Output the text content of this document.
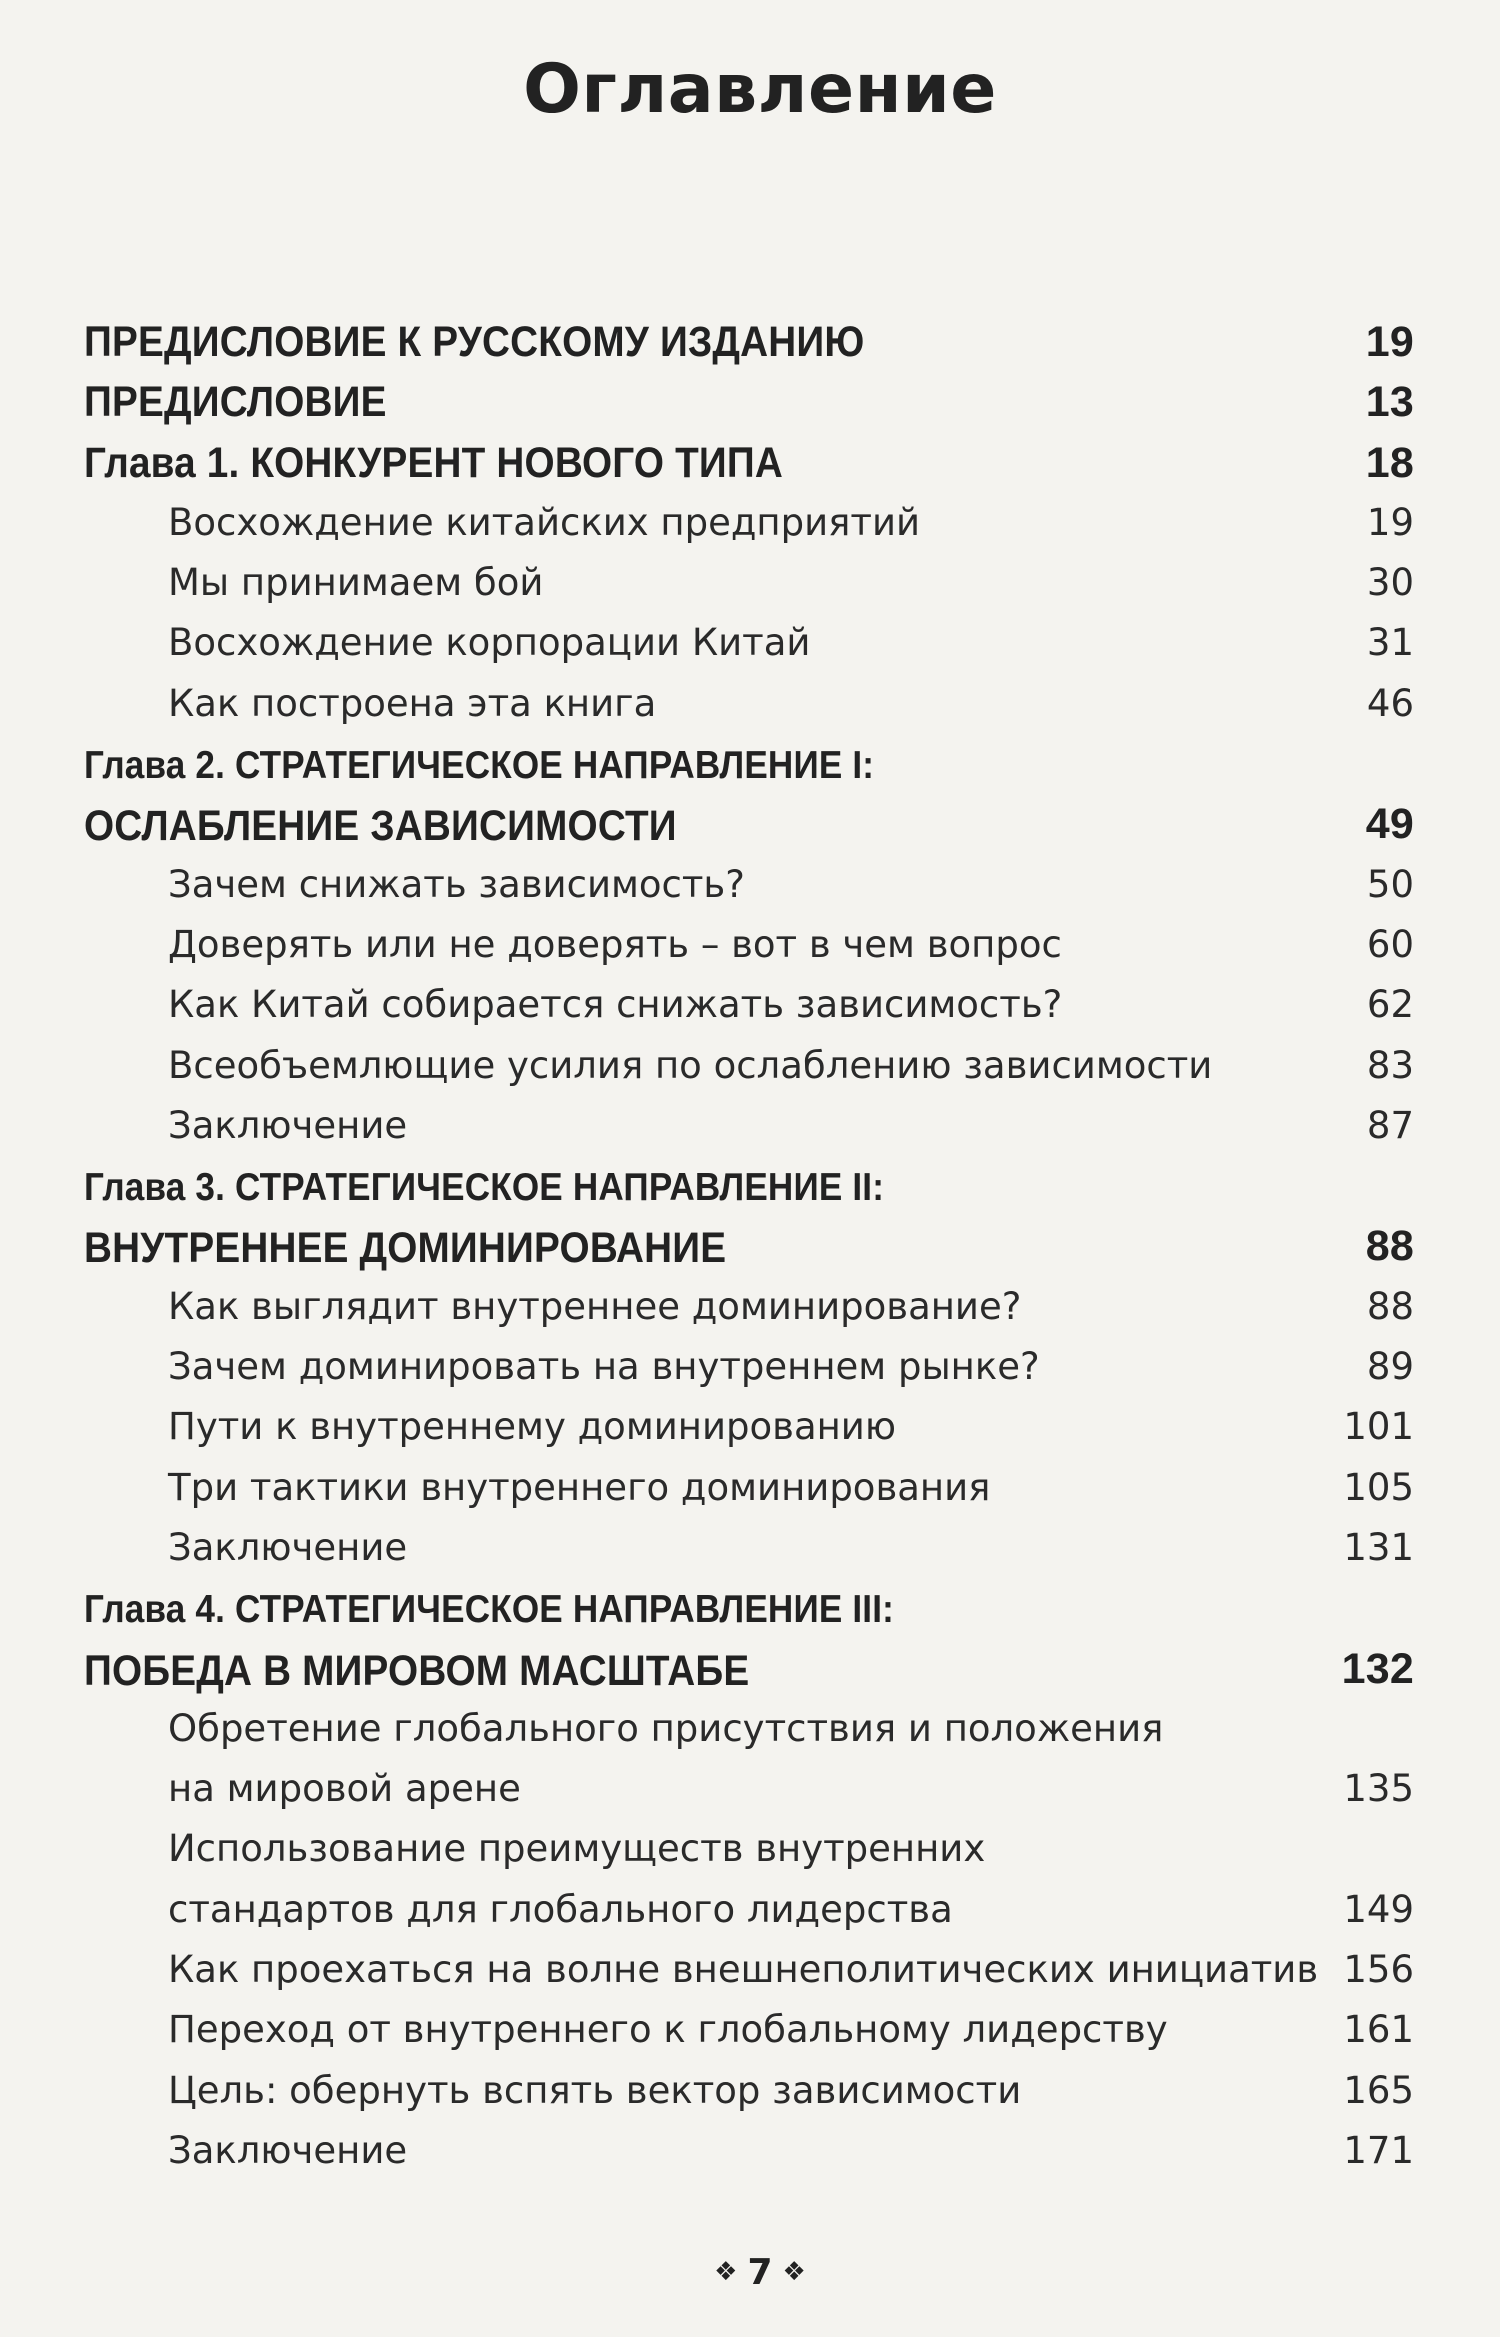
Оглавление
ПРЕДИСЛОВИЕ К РУССКОМУ ИЗДАНИЮ	19
ПРЕДИСЛОВИЕ	13
Глава 1. КОНКУРЕНТ НОВОГО ТИПА	18
Восхождение китайских предприятий	19
Мы принимаем бой	30
Восхождение корпорации Китай	31
Как построена эта книга	46
Глава 2. СТРАТЕГИЧЕСКОЕ НАПРАВЛЕНИЕ I:

ОСЛАБЛЕНИЕ ЗАВИСИМОСТИ	49
Зачем снижать зависимость?	50
Доверять или не доверять – вот в чем вопрос	60
Как Китай собирается снижать зависимость?	62
Всеобъемлющие усилия по ослаблению зависимости	83
Заключение	87
Глава 3. СТРАТЕГИЧЕСКОЕ НАПРАВЛЕНИЕ II:

ВНУТРЕННЕЕ ДОМИНИРОВАНИЕ	88
Как выглядит внутреннее доминирование?	88
Зачем доминировать на внутреннем рынке?	89
Пути к внутреннему доминированию	101
Три тактики внутреннего доминирования	105
Заключение	131
Глава 4. СТРАТЕГИЧЕСКОЕ НАПРАВЛЕНИЕ III:

ПОБЕДА В МИРОВОМ МАСШТАБЕ	132
Обретение глобального присутствия и положения

на мировой арене	135
Использование преимуществ внутренних

стандартов для глобального лидерства	149
Как проехаться на волне внешнеполитических инициатив 156
Переход от внутреннего к глобальному лидерству	161
Цель: обернуть вспять вектор зависимости	165
Заключение	171
❖ 7 ❖
